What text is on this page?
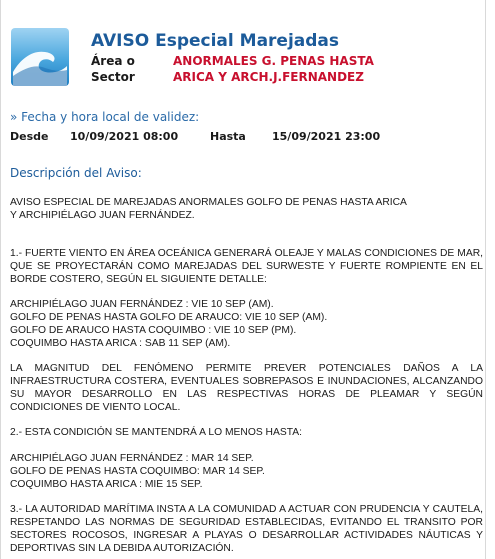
AVISO Especial Marejadas
Área o	ANORMALES G. PENAS HASTA
Sector	ARICA Y ARCH.J.FERNANDEZ
» Fecha y hora local de validez:
Desde 10/09/2021 08:00	Hasta 15/09/2021 23:00
Descripción del Aviso:

AVISO ESPECIAL DE MAREJADAS ANORMALES GOLFO DE PENAS HASTA ARICA

Y ARCHIPIÉLAGO JUAN FERNÁNDEZ.

1.- FUERTE VIENTO EN ÁREA OCEÁNICA GENERARÁ OLEAJE Y MALAS CONDICIONES DE MAR, QUE SE PROYECTARÁN COMO MAREJADAS DEL SURWESTE Y FUERTE ROMPIENTE EN EL BORDE COSTERO, SEGÚN EL SIGUIENTE DETALLE:

ARCHIPIÉLAGO JUAN FERNÁNDEZ : VIE 10 SEP (AM).

GOLFO DE PENAS HASTA GOLFO DE ARAUCO: VIE 10 SEP (AM).

GOLFO DE ARAUCO HASTA COQUIMBO : VIE 10 SEP (PM).

COQUIMBO HASTA ARICA : SAB 11 SEP (AM).

LA MAGNITUD DEL FENÓMENO PERMITE PREVER POTENCIALES DAÑOS A LA INFRAESTRUCTURA COSTERA, EVENTUALES SOBREPASOS E INUNDACIONES, ALCANZANDO SU MAYOR DESARROLLO EN LAS RESPECTIVAS HORAS DE PLEAMAR Y SEGÚN CONDICIONES DE VIENTO LOCAL.

2.- ESTA CONDICIÓN SE MANTENDRÁ A LO MENOS HASTA:

ARCHIPIÉLAGO JUAN FERNÁNDEZ : MAR 14 SEP.

GOLFO DE PENAS HASTA COQUIMBO: MAR 14 SEP.

COQUIMBO HASTA ARICA : MIE 15 SEP.

3.- LA AUTORIDAD MARÍTIMA INSTA A LA COMUNIDAD A ACTUAR CON PRUDENCIA Y CAUTELA, RESPETANDO LAS NORMAS DE SEGURIDAD ESTABLECIDAS, EVITANDO EL TRANSITO POR SECTORES ROCOSOS, INGRESAR A PLAYAS O DESARROLLAR ACTIVIDADES NÁUTICAS Y DEPORTIVAS SIN LA DEBIDA AUTORIZACIÓN.
